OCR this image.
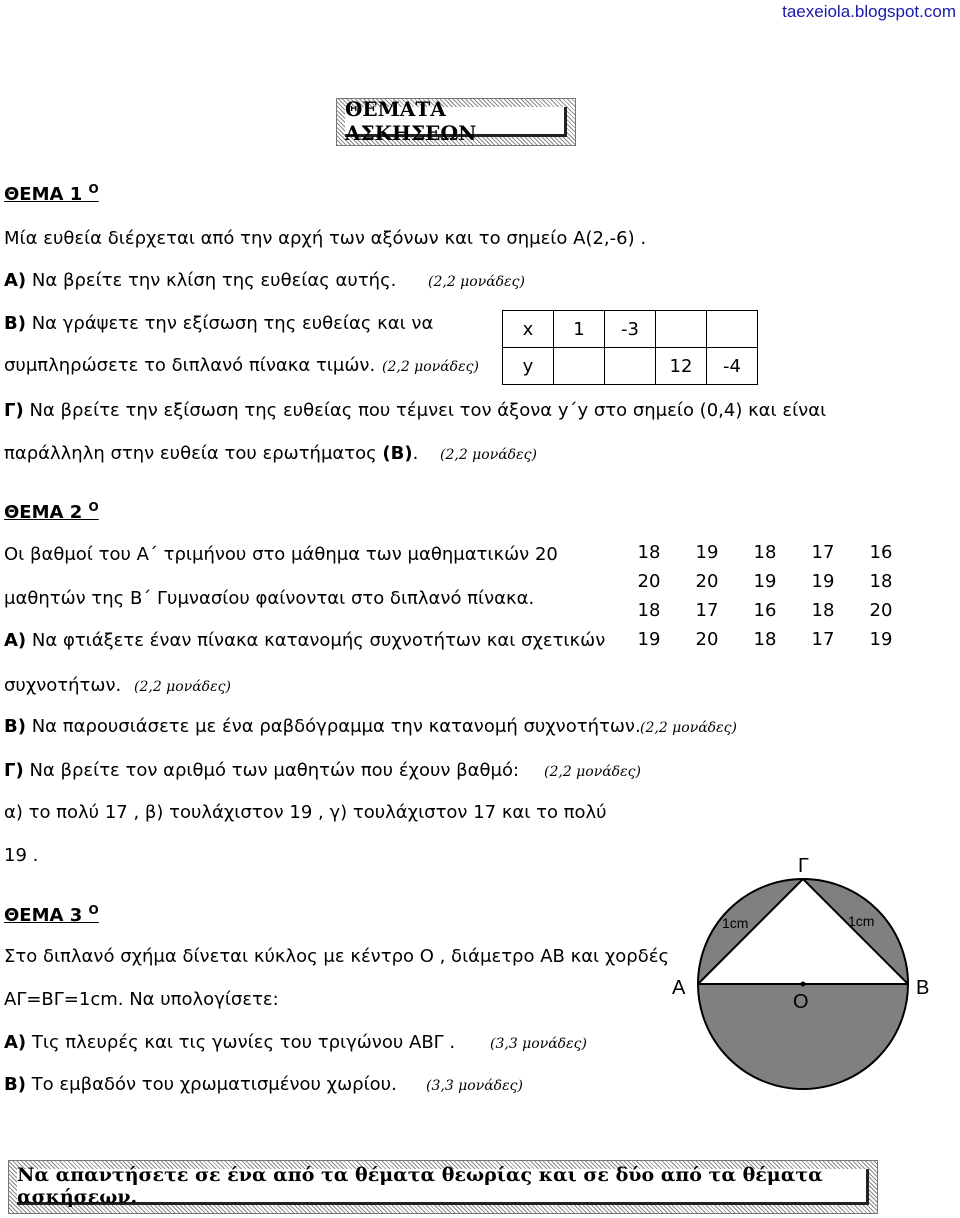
taexeiola.blogspot.com
ΘΕΜΑΤΑ ΑΣΚΗΣΕΩΝ
ΘΕΜΑ 1 $^O$
Μία ευθεία διέρχεται από την αρχή των αξόνων και το σημείο Α(2,-6) .
Α) Να βρείτε την κλίση της ευθείας αυτής. (2,2 μονάδες)
Β) Να γράψετε την εξίσωση της ευθείας και να
συμπληρώσετε το διπλανό πίνακα τιμών. (2,2 μονάδες)
x	1	-3		
y			12	-4
Γ) Να βρείτε την εξίσωση της ευθείας που τέμνει τον άξονα y΄y στο σημείο (0,4) και είναι
παράλληλη στην ευθεία του ερωτήματος (Β). (2,2 μονάδες)
ΘΕΜΑ 2 $^O$
Οι βαθμοί του Α΄ τριμήνου στο μάθημα των μαθηματικών 20
μαθητών της Β΄ Γυμνασίου φαίνονται στο διπλανό πίνακα.
18	19	18	17	16
20	20	19	19	18
18	17	16	18	20
19	20	18	17	19
Α) Να φτιάξετε έναν πίνακα κατανομής συχνοτήτων και σχετικών
συχνοτήτων. (2,2 μονάδες)
Β) Να παρουσιάσετε με ένα ραβδόγραμμα την κατανομή συχνοτήτων. (2,2 μονάδες)
Γ) Να βρείτε τον αριθμό των μαθητών που έχουν βαθμό: (2,2 μονάδες)
α) το πολύ 17 , β) τουλάχιστον 19 , γ) τουλάχιστον 17 και το πολύ
19 .
ΘΕΜΑ 3 $^O$
Στο διπλανό σχήμα δίνεται κύκλος με κέντρο Ο , διάμετρο ΑΒ και χορδές
ΑΓ=ΒΓ=1cm. Να υπολογίσετε:
Α) Τις πλευρές και τις γωνίες του τριγώνου ΑΒΓ . (3,3 μονάδες)
Β) Το εμβαδόν του χρωματισμένου χωρίου. (3,3 μονάδες)
Γ
Α	Β
Ο
1cm	1cm
Να απαντήσετε σε ένα από τα θέματα θεωρίας και σε δύο από τα θέματα ασκήσεων.
